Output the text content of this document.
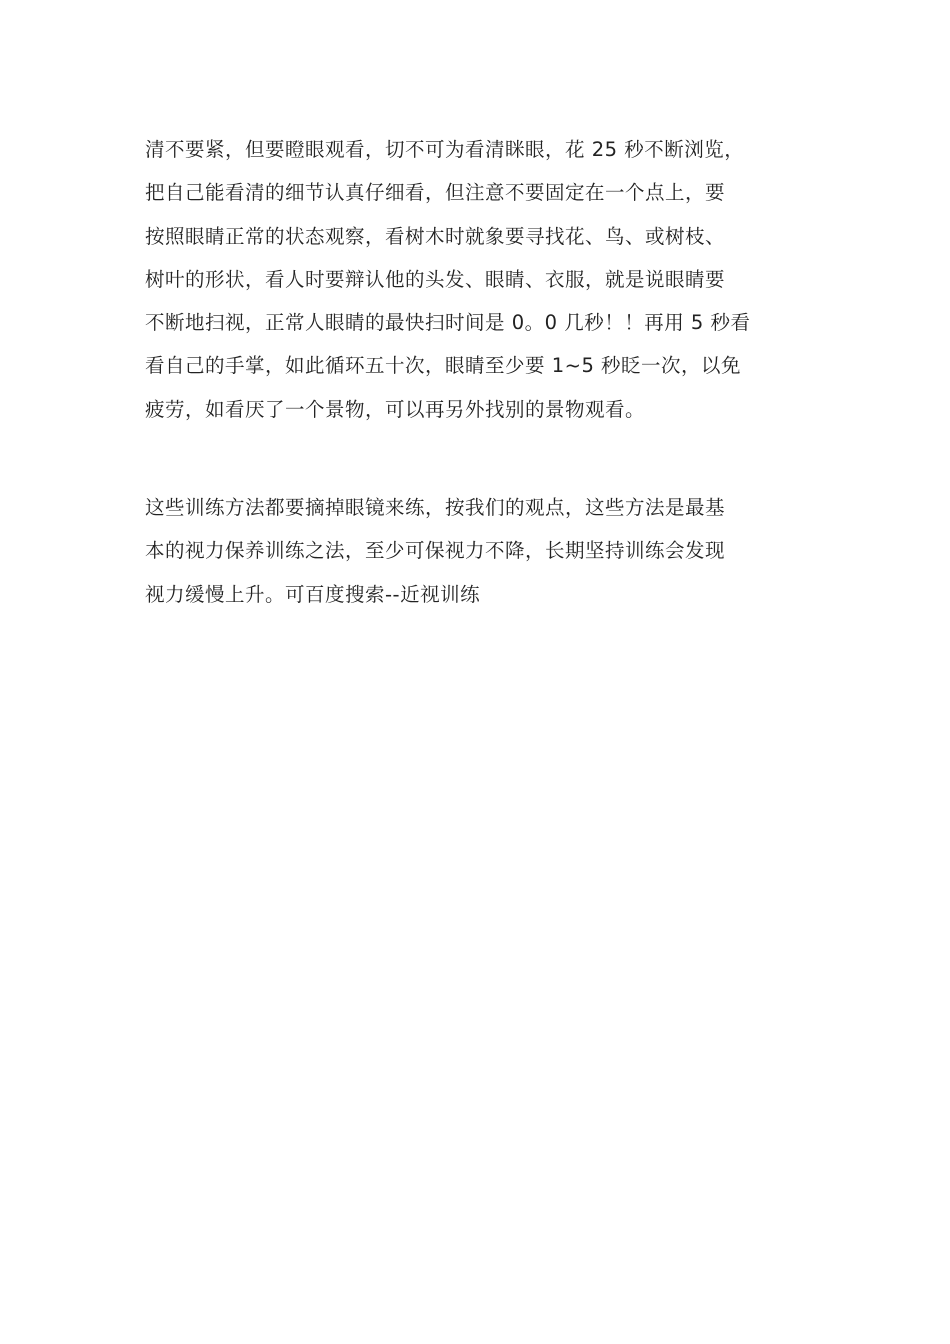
清不要紧，但要瞪眼观看，切不可为看清眯眼，花 25 秒不断浏览，
把自己能看清的细节认真仔细看，但注意不要固定在一个点上，要
按照眼睛正常的状态观察，看树木时就象要寻找花、鸟、或树枝、
树叶的形状，看人时要辩认他的头发、眼睛、衣服，就是说眼睛要
不断地扫视，正常人眼睛的最快扫时间是 0。0 几秒！！再用 5 秒看
看自己的手掌，如此循环五十次，眼睛至少要 1~5 秒眨一次，以免
疲劳，如看厌了一个景物，可以再另外找别的景物观看。
这些训练方法都要摘掉眼镜来练，按我们的观点，这些方法是最基
本的视力保养训练之法，至少可保视力不降，长期坚持训练会发现
视力缓慢上升。可百度搜索--近视训练
